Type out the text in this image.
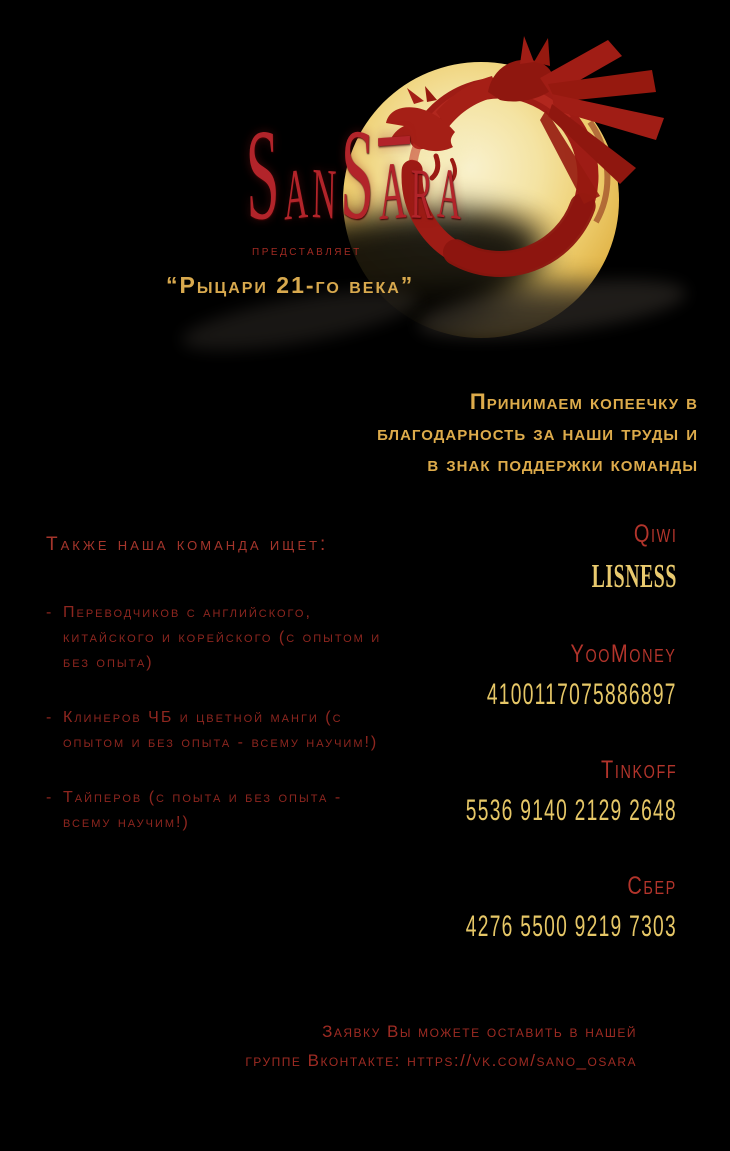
$SANS\overline{A}RA$
представляет
“Рыцари 21-го века”
Принимаем копеечку в
благодарность за наши труды и
в знак поддержки команды
Также наша команда ищет:
- Переводчиков с английского,
китайского и корейского (с опытом и
без опыта)
- Клинеров ЧБ и цветной манги (с
опытом и без опыта - всему научим!)
- Тайперов (с поыта и без опыта -
всему научим!)
Qiwi
LISNESS
YooMoney
4100117075886897
Tinkoff
5536 9140 2129 2648
Сбер
4276 5500 9219 7303
Заявку Вы можете оставить в нашей
группе Вконтакте: https://vk.com/sano_osara
